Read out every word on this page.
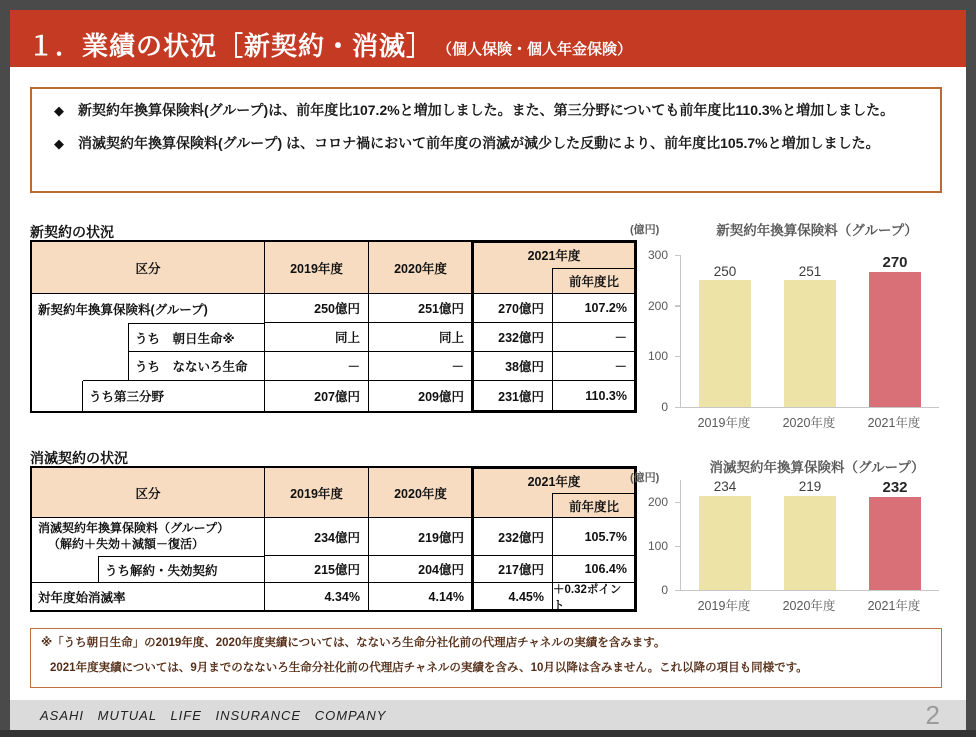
１．業績の状況［新契約・消滅］ （個人保険・個人年金保険）
◆ 新契約年換算保険料(グループ)は、前年度比107.2%と増加しました。また、第三分野についても前年度比110.3%と増加しました。
◆ 消滅契約年換算保険料(グループ) は、コロナ禍において前年度の消滅が減少した反動により、前年度比105.7%と増加しました。
新契約の状況
区分	2019年度	2020年度
2021年度
前年度比
新契約年換算保険料(グループ)	250億円	251億円	270億円	107.2%
うち　朝日生命※	同上	同上	232億円	－
うち　なないろ生命	－	－	38億円	－
うち第三分野	207億円	209億円	231億円	110.3%
消滅契約の状況
区分	2019年度	2020年度
2021年度
前年度比
消滅契約年換算保険料（グループ）
（解約＋失効＋減額－復活）	234億円	219億円	232億円	105.7%
うち解約・失効契約	215億円	204億円	217億円	106.4%
対年度始消滅率	4.34%	4.14%	4.45% ＋0.32ポイント
(億円)	新契約年換算保険料（グループ）
300
200
100
0
250	251	270
2019年度	2020年度	2021年度
(億円)
消滅契約年換算保険料（グループ）
200
100
0
234	219	232
2019年度	2020年度	2021年度
※「うち朝日生命」の2019年度、2020年度実績については、なないろ生命分社化前の代理店チャネルの実績を含みます。
2021年度実績については、9月までのなないろ生命分社化前の代理店チャネルの実績を含み、10月以降は含みません。これ以降の項目も同様です。
ASAHI MUTUAL LIFE INSURANCE COMPANY	2
